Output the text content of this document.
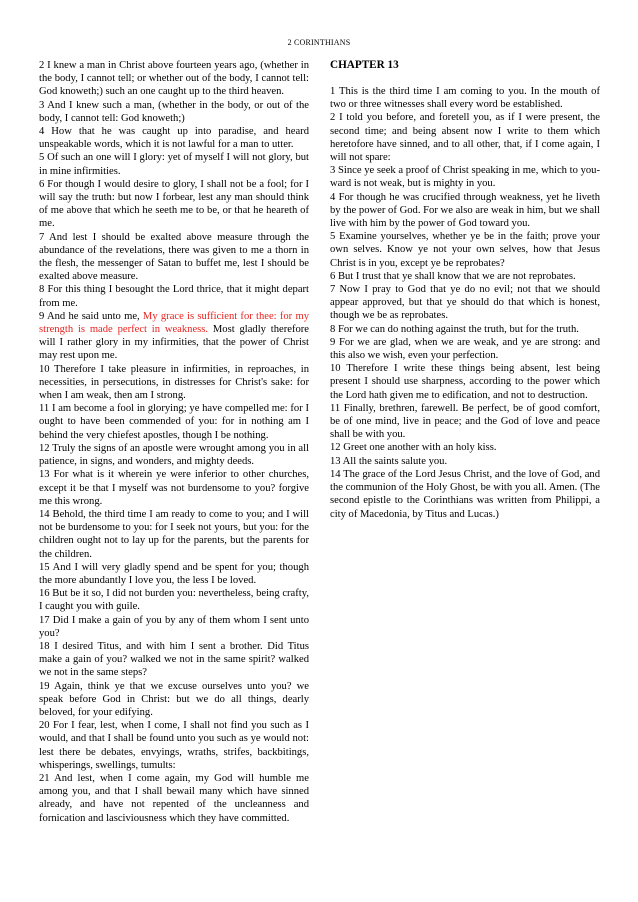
2 CORINTHIANS

2 I knew a man in Christ above fourteen years ago, (whether in the body, I cannot tell; or whether out of the body, I cannot tell: God knoweth;) such an one caught up to the third heaven.

3 And I knew such a man, (whether in the body, or out of the body, I cannot tell: God knoweth;)

4 How that he was caught up into paradise, and heard unspeakable words, which it is not lawful for a man to utter.

5 Of such an one will I glory: yet of myself I will not glory, but in mine infirmities.

6 For though I would desire to glory, I shall not be a fool; for I will say the truth: but now I forbear, lest any man should think of me above that which he seeth me to be, or that he heareth of me.

7 And lest I should be exalted above measure through the abundance of the revelations, there was given to me a thorn in the flesh, the messenger of Satan to buffet me, lest I should be exalted above measure.

8 For this thing I besought the Lord thrice, that it might depart from me.

9 And he said unto me, My grace is sufficient for thee: for my strength is made perfect in weakness. Most gladly therefore will I rather glory in my infirmities, that the power of Christ may rest upon me.

10 Therefore I take pleasure in infirmities, in reproaches, in necessities, in persecutions, in distresses for Christ's sake: for when I am weak, then am I strong.

11 I am become a fool in glorying; ye have compelled me: for I ought to have been commended of you: for in nothing am I behind the very chiefest apostles, though I be nothing.

12 Truly the signs of an apostle were wrought among you in all patience, in signs, and wonders, and mighty deeds.

13 For what is it wherein ye were inferior to other churches, except it be that I myself was not burdensome to you? forgive me this wrong.

14 Behold, the third time I am ready to come to you; and I will not be burdensome to you: for I seek not yours, but you: for the children ought not to lay up for the parents, but the parents for the children.

15 And I will very gladly spend and be spent for you; though the more abundantly I love you, the less I be loved.

16 But be it so, I did not burden you: nevertheless, being crafty, I caught you with guile.

17 Did I make a gain of you by any of them whom I sent unto you?

18 I desired Titus, and with him I sent a brother. Did Titus make a gain of you? walked we not in the same spirit? walked we not in the same steps?

19 Again, think ye that we excuse ourselves unto you? we speak before God in Christ: but we do all things, dearly beloved, for your edifying.

20 For I fear, lest, when I come, I shall not find you such as I would, and that I shall be found unto you such as ye would not: lest there be debates, envyings, wraths, strifes, backbitings, whisperings, swellings, tumults:

21 And lest, when I come again, my God will humble me among you, and that I shall bewail many which have sinned already, and have not repented of the uncleanness and fornication and lasciviousness which they have committed.

CHAPTER 13

1 This is the third time I am coming to you. In the mouth of two or three witnesses shall every word be established.

2 I told you before, and foretell you, as if I were present, the second time; and being absent now I write to them which heretofore have sinned, and to all other, that, if I come again, I will not spare:

3 Since ye seek a proof of Christ speaking in me, which to you-ward is not weak, but is mighty in you.

4 For though he was crucified through weakness, yet he liveth by the power of God. For we also are weak in him, but we shall live with him by the power of God toward you.

5 Examine yourselves, whether ye be in the faith; prove your own selves. Know ye not your own selves, how that Jesus Christ is in you, except ye be reprobates?

6 But I trust that ye shall know that we are not reprobates.

7 Now I pray to God that ye do no evil; not that we should appear approved, but that ye should do that which is honest, though we be as reprobates.

8 For we can do nothing against the truth, but for the truth.

9 For we are glad, when we are weak, and ye are strong: and this also we wish, even your perfection.

10 Therefore I write these things being absent, lest being present I should use sharpness, according to the power which the Lord hath given me to edification, and not to destruction.

11 Finally, brethren, farewell. Be perfect, be of good comfort, be of one mind, live in peace; and the God of love and peace shall be with you.

12 Greet one another with an holy kiss.

13 All the saints salute you.

14 The grace of the Lord Jesus Christ, and the love of God, and the communion of the Holy Ghost, be with you all. Amen. (The second epistle to the Corinthians was written from Philippi, a city of Macedonia, by Titus and Lucas.)
